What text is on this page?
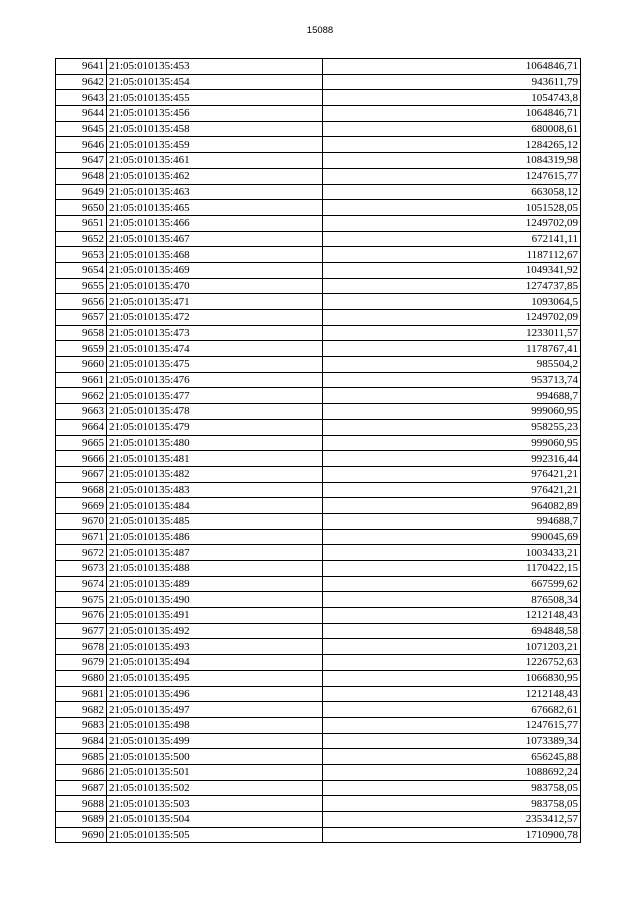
15088
9641	21:05:010135:453	1064846,71
9642	21:05:010135:454	943611,79
9643	21:05:010135:455	1054743,8
9644	21:05:010135:456	1064846,71
9645	21:05:010135:458	680008,61
9646	21:05:010135:459	1284265,12
9647	21:05:010135:461	1084319,98
9648	21:05:010135:462	1247615,77
9649	21:05:010135:463	663058,12
9650	21:05:010135:465	1051528,05
9651	21:05:010135:466	1249702,09
9652	21:05:010135:467	672141,11
9653	21:05:010135:468	1187112,67
9654	21:05:010135:469	1049341,92
9655	21:05:010135:470	1274737,85
9656	21:05:010135:471	1093064,5
9657	21:05:010135:472	1249702,09
9658	21:05:010135:473	1233011,57
9659	21:05:010135:474	1178767,41
9660	21:05:010135:475	985504,2
9661	21:05:010135:476	953713,74
9662	21:05:010135:477	994688,7
9663	21:05:010135:478	999060,95
9664	21:05:010135:479	958255,23
9665	21:05:010135:480	999060,95
9666	21:05:010135:481	992316,44
9667	21:05:010135:482	976421,21
9668	21:05:010135:483	976421,21
9669	21:05:010135:484	964082,89
9670	21:05:010135:485	994688,7
9671	21:05:010135:486	990045,69
9672	21:05:010135:487	1003433,21
9673	21:05:010135:488	1170422,15
9674	21:05:010135:489	667599,62
9675	21:05:010135:490	876508,34
9676	21:05:010135:491	1212148,43
9677	21:05:010135:492	694848,58
9678	21:05:010135:493	1071203,21
9679	21:05:010135:494	1226752,63
9680	21:05:010135:495	1066830,95
9681	21:05:010135:496	1212148,43
9682	21:05:010135:497	676682,61
9683	21:05:010135:498	1247615,77
9684	21:05:010135:499	1073389,34
9685	21:05:010135:500	656245,88
9686	21:05:010135:501	1088692,24
9687	21:05:010135:502	983758,05
9688	21:05:010135:503	983758,05
9689	21:05:010135:504	2353412,57
9690	21:05:010135:505	1710900,78
